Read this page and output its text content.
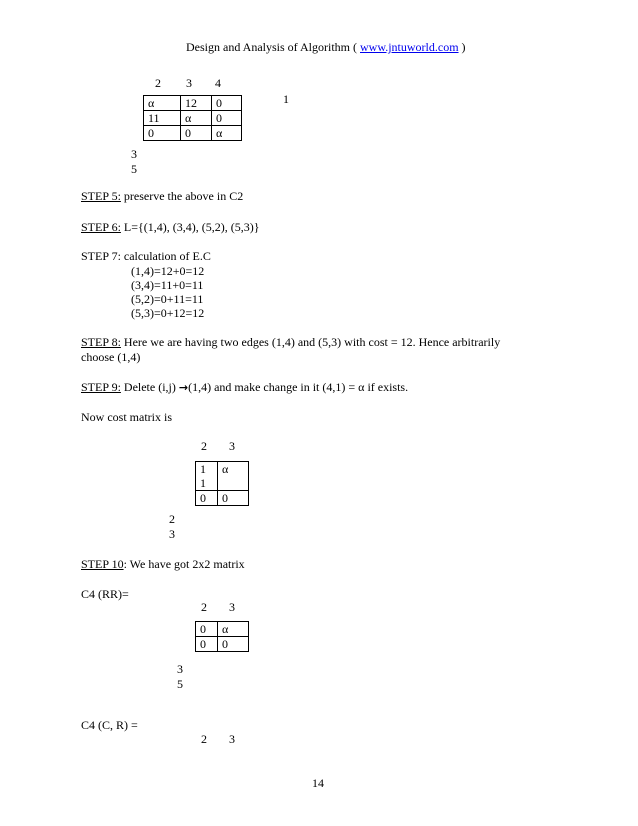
Design and Analysis of Algorithm ( www.jntuworld.com )
2 3 4
1
α	12	0
11	α	0
0	0	α
3
5
STEP 5: preserve the above in C2
STEP 6: L={(1,4), (3,4), (5,2), (5,3)}
STEP 7: calculation of E.C
(1,4)=12+0=12
(3,4)=11+0=11
(5,2)=0+11=11
(5,3)=0+12=12
STEP 8: Here we are having two edges (1,4) and (5,3) with cost = 12. Hence arbitrarily
choose (1,4)
STEP 9: Delete (i,j) →(1,4) and make change in it (4,1) = α if exists.
Now cost matrix is
2 3
1
1	α
0	0
2
3
STEP 10: We have got 2x2 matrix
C4 (RR)=
2 3
0	α
0	0
3
5
C4 (C, R) =
2 3
14
